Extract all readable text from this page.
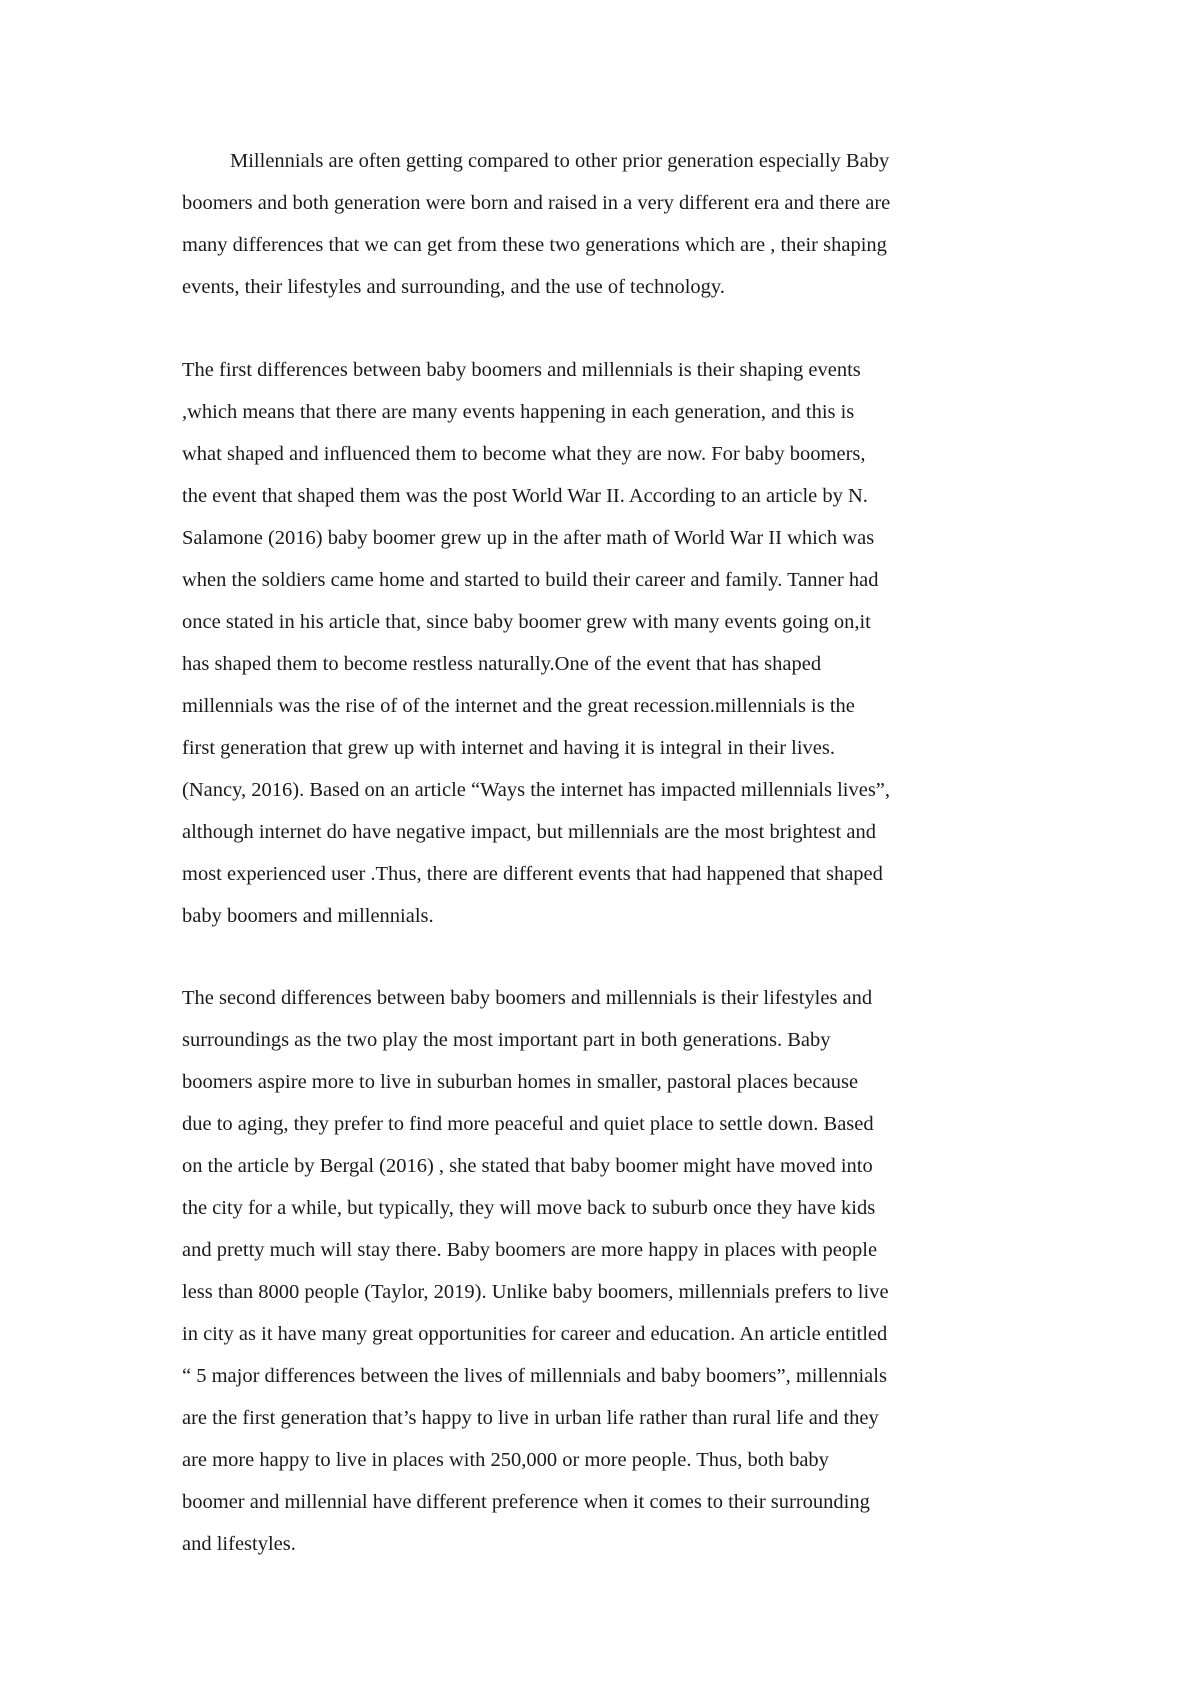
Millennials are often getting compared to other prior generation especially Baby
boomers and both generation were born and raised in a very different era and there are
many differences that we can get from these two generations which are , their shaping
events, their lifestyles and surrounding, and the use of technology.

The first differences between baby boomers and millennials is their shaping events
,which means that there are many events happening in each generation, and this is
what shaped and influenced them to become what they are now. For baby boomers,
the event that shaped them was the post World War II. According to an article by N.
Salamone (2016) baby boomer grew up in the after math of World War II which was
when the soldiers came home and started to build their career and family. Tanner had
once stated in his article that, since baby boomer grew with many events going on,it
has shaped them to become restless naturally.One of the event that has shaped
millennials was the rise of of the internet and the great recession.millennials is the
first generation that grew up with internet and having it is integral in their lives.
(Nancy, 2016). Based on an article “Ways the internet has impacted millennials lives”,
although internet do have negative impact, but millennials are the most brightest and
most experienced user .Thus, there are different events that had happened that shaped
baby boomers and millennials.

The second differences between baby boomers and millennials is their lifestyles and
surroundings as the two play the most important part in both generations. Baby
boomers aspire more to live in suburban homes in smaller, pastoral places because
due to aging, they prefer to find more peaceful and quiet place to settle down. Based
on the article by Bergal (2016) , she stated that baby boomer might have moved into
the city for a while, but typically, they will move back to suburb once they have kids
and pretty much will stay there. Baby boomers are more happy in places with people
less than 8000 people (Taylor, 2019). Unlike baby boomers, millennials prefers to live
in city as it have many great opportunities for career and education. An article entitled
“ 5 major differences between the lives of millennials and baby boomers”, millennials
are the first generation that’s happy to live in urban life rather than rural life and they
are more happy to live in places with 250,000 or more people. Thus, both baby
boomer and millennial have different preference when it comes to their surrounding
and lifestyles.
